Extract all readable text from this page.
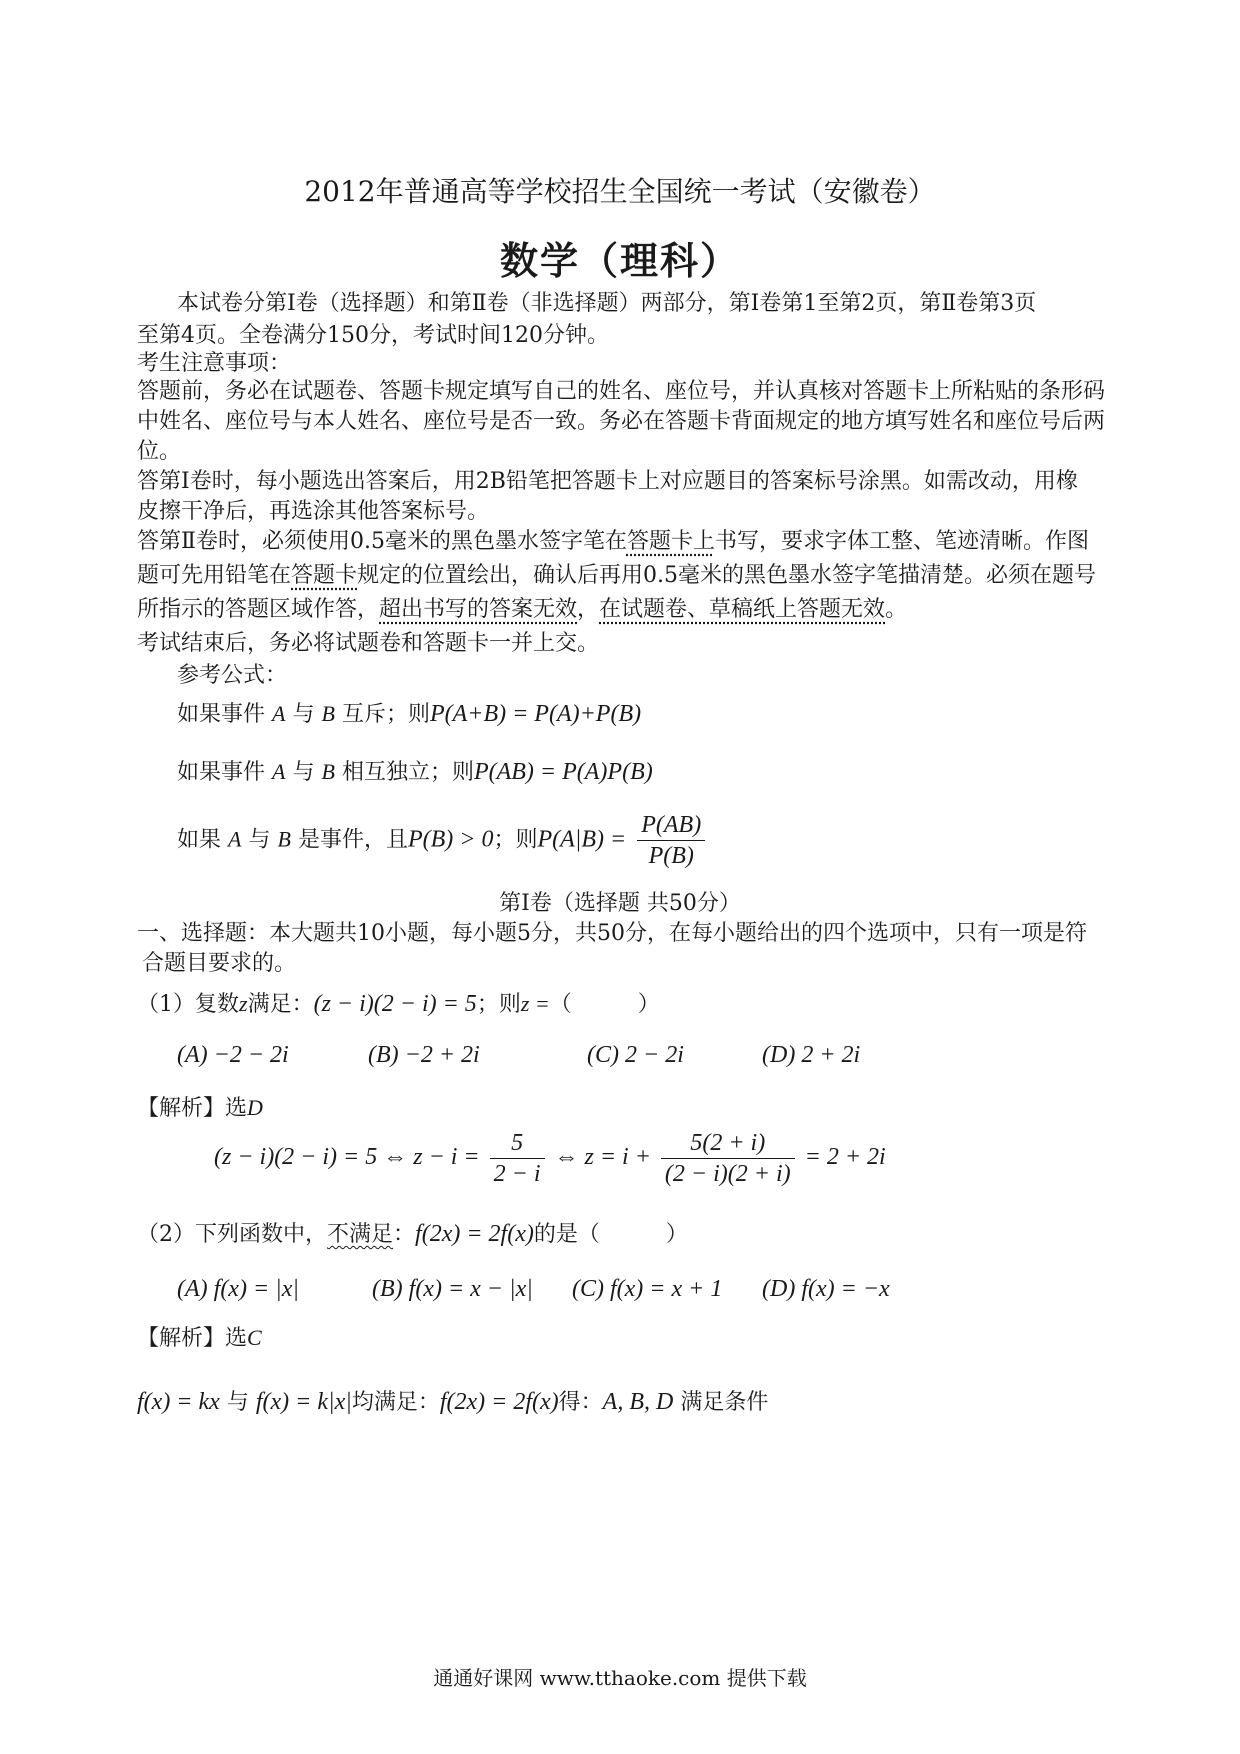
2012年普通高等学校招生全国统一考试（安徽卷）
数学（理科）
本试卷分第Ⅰ卷（选择题）和第Ⅱ卷（非选择题）两部分，第Ⅰ卷第1至第2页，第Ⅱ卷第3页
至第4页。全卷满分150分，考试时间120分钟。
考生注意事项：
答题前，务必在试题卷、答题卡规定填写自己的姓名、座位号，并认真核对答题卡上所粘贴的条形码
中姓名、座位号与本人姓名、座位号是否一致。务必在答题卡背面规定的地方填写姓名和座位号后两
位。
答第Ⅰ卷时，每小题选出答案后，用2B铅笔把答题卡上对应题目的答案标号涂黑。如需改动，用橡
皮擦干净后，再选涂其他答案标号。
答第Ⅱ卷时，必须使用0.5毫米的黑色墨水签字笔在答题卡上书写，要求字体工整、笔迹清晰。作图
题可先用铅笔在答题卡规定的位置绘出，确认后再用0.5毫米的黑色墨水签字笔描清楚。必须在题号
所指示的答题区域作答，超出书写的答案无效，在试题卷、草稿纸上答题无效。
考试结束后，务必将试题卷和答题卡一并上交。
参考公式：
如果事件 A 与 B 互斥；则P(A+B) = P(A)+P(B)
如果事件 A 与 B 相互独立；则P(AB) = P(A)P(B)
如果 A 与 B 是事件，且P(B) > 0；则$P(A|B) = \frac{P(AB)}{P(B)}$
第Ⅰ卷（选择题 共50分）
一、选择题：本大题共10小题，每小题5分，共50分，在每小题给出的四个选项中，只有一项是符
合题目要求的。
（1）复数z满足：(z − i)(2 − i) = 5；则z =（　　　）
(A) −2 − 2i	(B) −2 + 2i	(C) 2 − 2i	(D) 2 + 2i
【解析】选D
(z − i)(2 − i) = 5 ⇔ $z - i = \frac{5}{2 - i}$ ⇔ $z = i + \frac{5(2 + i)}{(2 - i)(2 + i)} = 2 + 2i$
（2）下列函数中，不满足：f(2x) = 2f(x)的是（　　　）
(A) f(x) = |x|	(B) f(x) = x − |x| (C) f(x) = x + 1 (D) f(x) = −x
【解析】选C
f(x) = kx 与 f(x) = k|x|均满足：f(2x) = 2f(x)得：A, B, D 满足条件
通通好课网 www.tthaoke.com 提供下载
